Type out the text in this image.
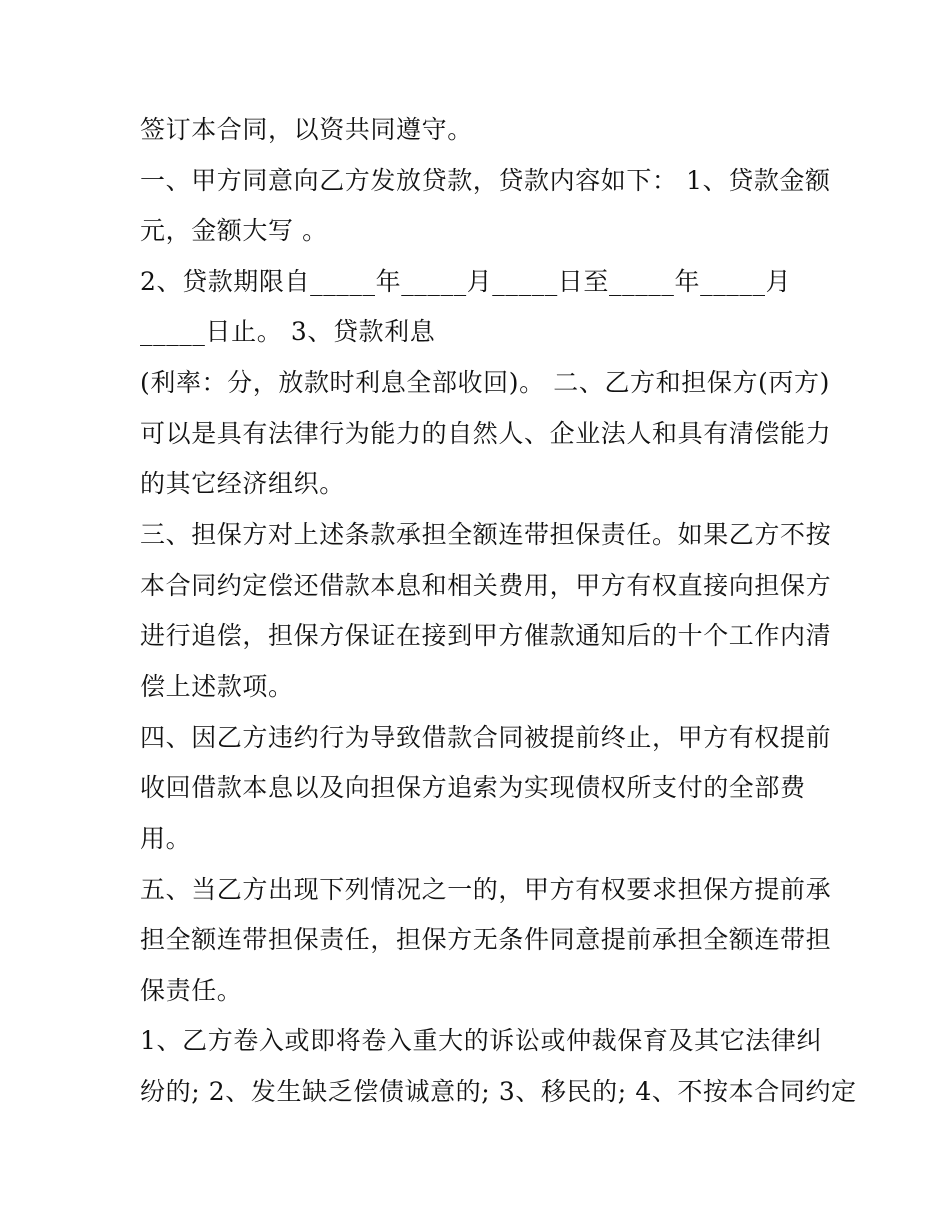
签订本合同，以资共同遵守。
一、甲方同意向乙方发放贷款，贷款内容如下： 1、贷款金额
元，金额大写 。
2、贷款期限自_____年_____月_____日至_____年_____月
_____日止。 3、贷款利息
(利率：分，放款时利息全部收回)。 二、乙方和担保方(丙方)
可以是具有法律行为能力的自然人、企业法人和具有清偿能力
的其它经济组织。
三、担保方对上述条款承担全额连带担保责任。如果乙方不按
本合同约定偿还借款本息和相关费用，甲方有权直接向担保方
进行追偿，担保方保证在接到甲方催款通知后的十个工作内清
偿上述款项。
四、因乙方违约行为导致借款合同被提前终止，甲方有权提前
收回借款本息以及向担保方追索为实现债权所支付的全部费
用。
五、当乙方出现下列情况之一的，甲方有权要求担保方提前承
担全额连带担保责任，担保方无条件同意提前承担全额连带担
保责任。
1、乙方卷入或即将卷入重大的诉讼或仲裁保育及其它法律纠
纷的; 2、发生缺乏偿债诚意的; 3、移民的; 4、不按本合同约定
